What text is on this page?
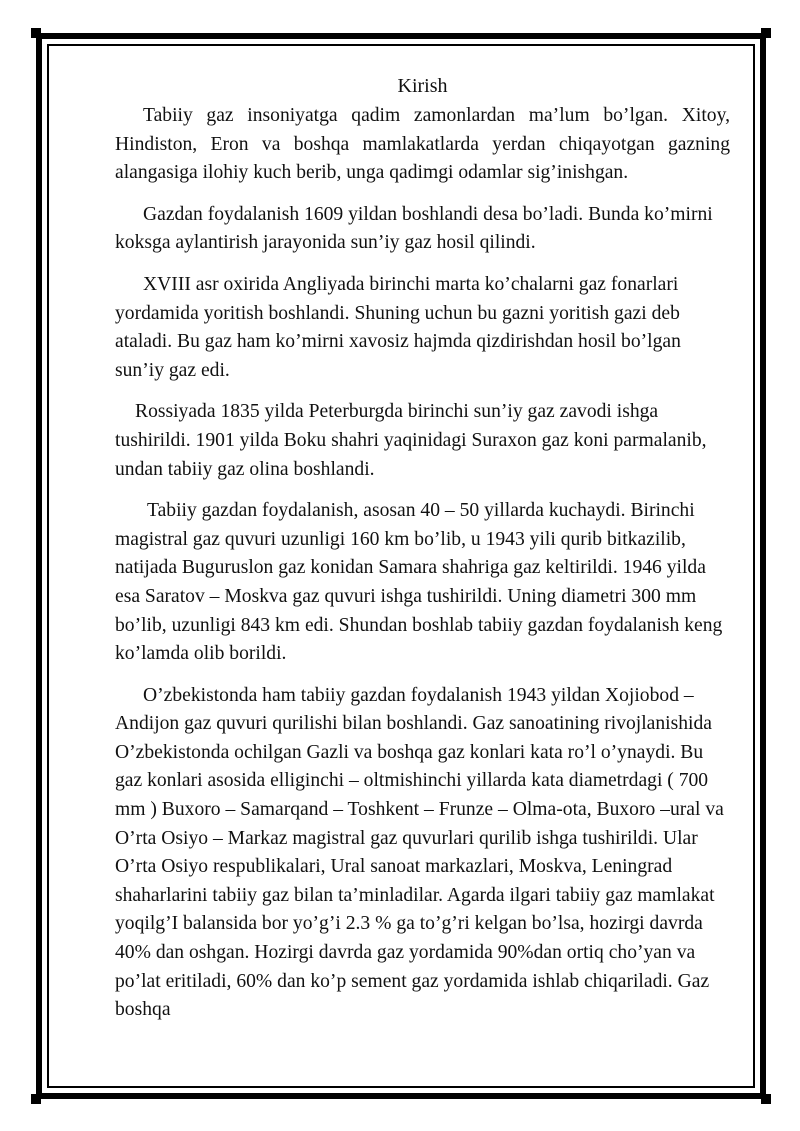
Kirish

Tabiiy gaz insoniyatga qadim zamonlardan ma’lum bo’lgan. Xitoy, Hindiston, Eron va boshqa mamlakatlarda yerdan chiqayotgan gazning alangasiga ilohiy kuch berib, unga qadimgi odamlar sig’inishgan.

Gazdan foydalanish 1609 yildan boshlandi desa bo’ladi. Bunda ko’mirni koksga aylantirish jarayonida sun’iy gaz hosil qilindi.

XVIII asr oxirida Angliyada birinchi marta ko’chalarni gaz fonarlari yordamida yoritish boshlandi. Shuning uchun bu gazni yoritish gazi deb ataladi. Bu gaz ham ko’mirni xavosiz hajmda qizdirishdan hosil bo’lgan sun’iy gaz edi.

Rossiyada 1835 yilda Peterburgda birinchi sun’iy gaz zavodi ishga tushirildi. 1901 yilda Boku shahri yaqinidagi Suraxon gaz koni parmalanib, undan tabiiy gaz olina boshlandi.

Tabiiy gazdan foydalanish, asosan 40 – 50 yillarda kuchaydi. Birinchi magistral gaz quvuri uzunligi 160 km bo’lib, u 1943 yili qurib bitkazilib, natijada Buguruslon gaz konidan Samara shahriga gaz keltirildi. 1946 yilda esa Saratov – Moskva gaz quvuri ishga tushirildi. Uning diametri 300 mm bo’lib, uzunligi 843 km edi. Shundan boshlab tabiiy gazdan foydalanish keng ko’lamda olib borildi.

O’zbekistonda ham tabiiy gazdan foydalanish 1943 yildan Xojiobod – Andijon gaz quvuri qurilishi bilan boshlandi. Gaz sanoatining rivojlanishida O’zbekistonda ochilgan Gazli va boshqa gaz konlari kata ro’l o’ynaydi. Bu gaz konlari asosida elliginchi – oltmishinchi yillarda kata diametrdagi ( 700 mm ) Buxoro – Samarqand – Toshkent – Frunze – Olma-ota, Buxoro –ural va O’rta Osiyo – Markaz magistral gaz quvurlari qurilib ishga tushirildi. Ular O’rta Osiyo respublikalari, Ural sanoat markazlari, Moskva, Leningrad shaharlarini tabiiy gaz bilan ta’minladilar. Agarda ilgari tabiiy gaz mamlakat yoqilg’I balansida bor yo’g’i 2.3 % ga to’g’ri kelgan bo’lsa, hozirgi davrda 40% dan oshgan. Hozirgi davrda gaz yordamida 90%dan ortiq cho’yan va po’lat eritiladi, 60% dan ko’p sement gaz yordamida ishlab chiqariladi. Gaz boshqa
